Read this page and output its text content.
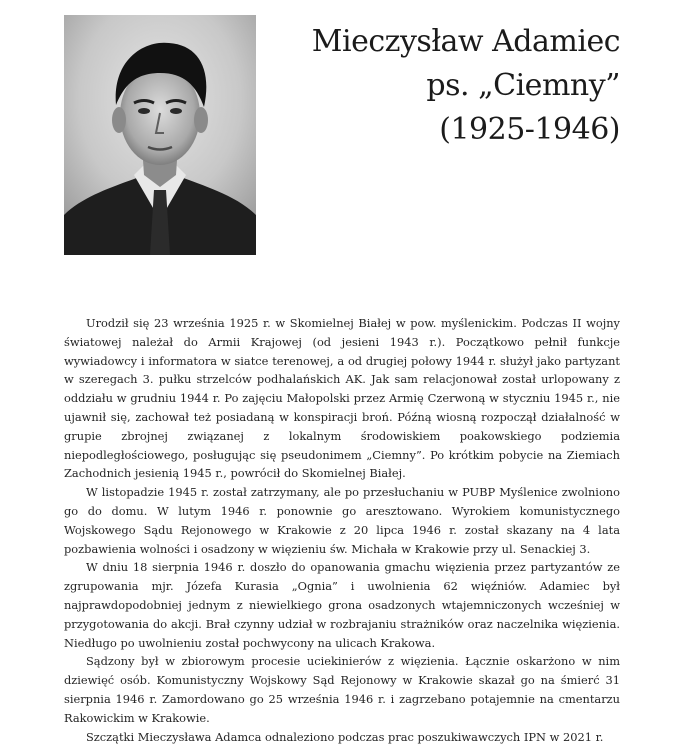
Mieczysław Adamiec
ps. „Ciemny”
(1925-1946)

Urodził się 23 września 1925 r. w Skomielnej Białej w pow. myślenickim. Podczas II wojny światowej należał do Armii Krajowej (od jesieni 1943 r.). Początkowo pełnił funkcje wywiadowcy i informatora w siatce terenowej, a od drugiej połowy 1944 r. służył jako partyzant w szeregach 3. pułku strzelców podhalańskich AK. Jak sam relacjonował został urlopowany z oddziału w grudniu 1944 r. Po zajęciu Małopolski przez Armię Czerwoną w styczniu 1945 r., nie ujawnił się, zachował też posiadaną w konspiracji broń. Późną wiosną rozpoczął działalność w grupie zbrojnej związanej z lokalnym środowiskiem poakowskiego podziemia niepodległościowego, posługując się pseudonimem „Ciemny”. Po krótkim pobycie na Ziemiach Zachodnich jesienią 1945 r., powrócił do Skomielnej Białej.

W listopadzie 1945 r. został zatrzymany, ale po przesłuchaniu w PUBP Myślenice zwolniono go do domu. W lutym 1946 r. ponownie go aresztowano. Wyrokiem komunistycznego Wojskowego Sądu Rejonowego w Krakowie z 20 lipca 1946 r. został skazany na 4 lata pozbawienia wolności i osadzony w więzieniu św. Michała w Krakowie przy ul. Senackiej 3.

W dniu 18 sierpnia 1946 r. doszło do opanowania gmachu więzienia przez partyzantów ze zgrupowania mjr. Józefa Kurasia „Ognia” i uwolnienia 62 więźniów. Adamiec był najprawdopodobniej jednym z niewielkiego grona osadzonych wtajemniczonych wcześniej w przygotowania do akcji. Brał czynny udział w rozbrajaniu strażników oraz naczelnika więzienia. Niedługo po uwolnieniu został pochwycony na ulicach Krakowa.

Sądzony był w zbiorowym procesie uciekinierów z więzienia. Łącznie oskarżono w nim dziewięć osób. Komunistyczny Wojskowy Sąd Rejonowy w Krakowie skazał go na śmierć 31 sierpnia 1946 r. Zamordowano go 25 września 1946 r. i zagrzebano potajemnie na cmentarzu Rakowickim w Krakowie.

Szczątki Mieczysława Adamca odnaleziono podczas prac poszukiwawczych IPN w 2021 r.
